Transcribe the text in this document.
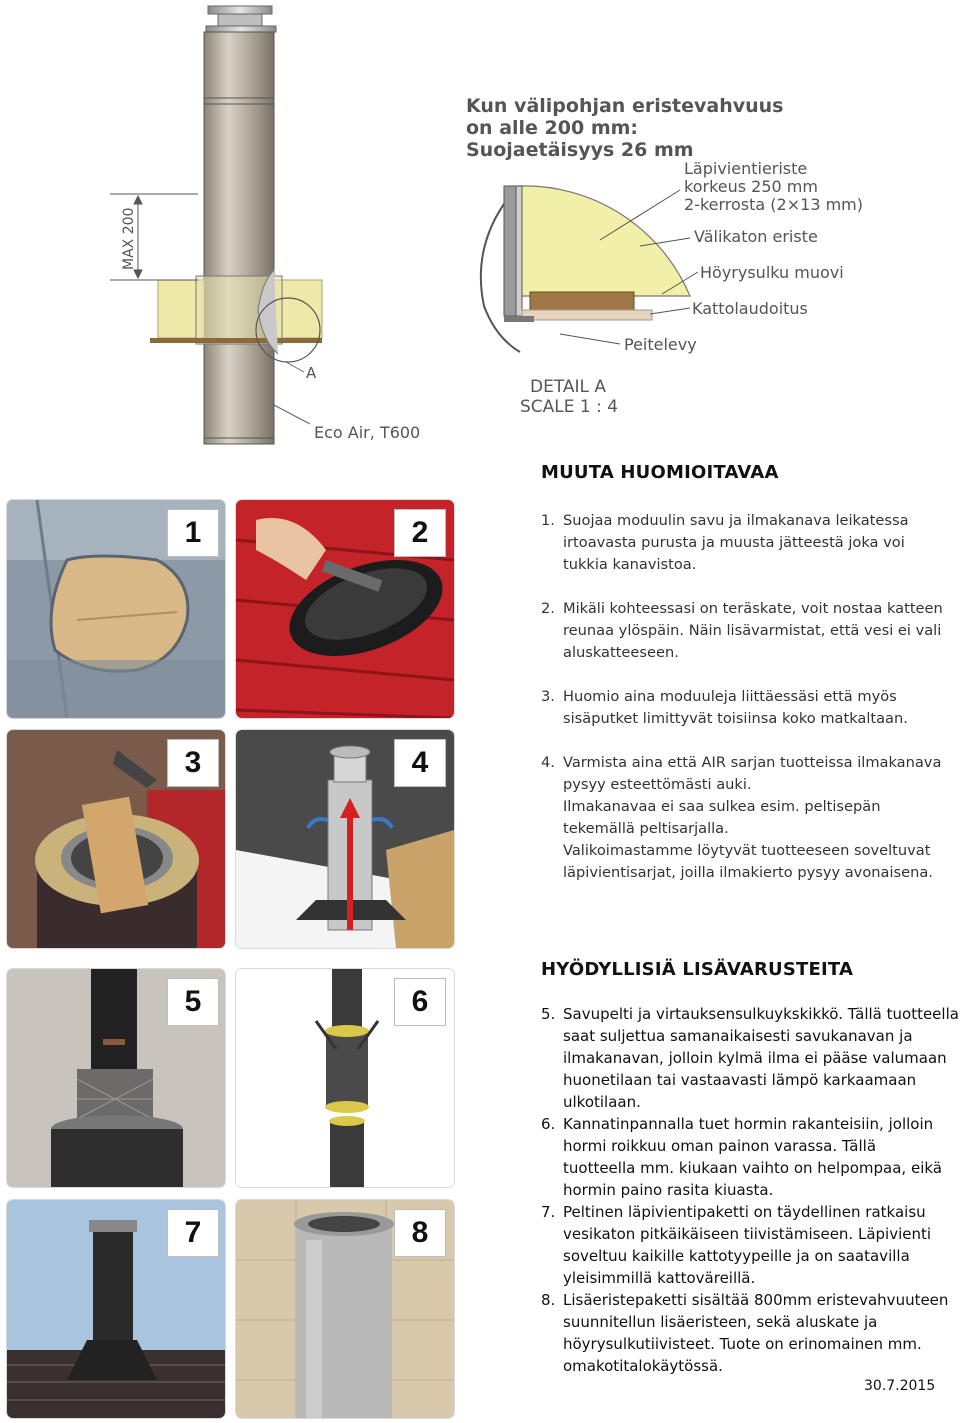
MAX 200
A
Eco Air, T600
Kun välipohjan eristevahvuus on alle 200 mm: Suojaetäisyys 26 mm
Läpivientieriste korkeus 250 mm 2-kerrosta (2×13 mm)
Välikaton eriste
Höyrysulku muovi
Kattolaudoitus
Peitelevy
DETAIL A SCALE 1 : 4
1	2
3	4
5	6
7	8
MUUTA HUOMIOITAVAA
1. Suojaa moduulin savu ja ilmakanava leikatessa

irtoavasta purusta ja muusta jätteestä joka voi

tukkia kanavistoa.

2. Mikäli kohteessasi on teräskate, voit nostaa katteen

reunaa ylöspäin. Näin lisävarmistat, että vesi ei vali

aluskatteeseen.

3. Huomio aina moduuleja liittäessäsi että myös

sisäputket limittyvät toisiinsa koko matkaltaan.

4. Varmista aina että AIR sarjan tuotteissa ilmakanava

pysyy esteettömästi auki.

Ilmakanavaa ei saa sulkea esim. peltisepän

tekemällä peltisarjalla.

Valikoimastamme löytyvät tuotteeseen soveltuvat

läpivientisarjat, joilla ilmakierto pysyy avonaisena.

HYÖDYLLISIÄ LISÄVARUSTEITA
5. Savupelti ja virtauksensulkuykskikkö. Tällä tuotteella
saat suljettua samanaikaisesti savukanavan ja
ilmakanavan, jolloin kylmä ilma ei pääse valumaan
huonetilaan tai vastaavasti lämpö karkaamaan
ulkotilaan.
6. Kannatinpannalla tuet hormin rakanteisiin, jolloin
hormi roikkuu oman painon varassa. Tällä
tuotteella mm. kiukaan vaihto on helpompaa, eikä
hormin paino rasita kiuasta.
7. Peltinen läpivientipaketti on täydellinen ratkaisu
vesikaton pitkäikäiseen tiivistämiseen. Läpivienti
soveltuu kaikille kattotyypeille ja on saatavilla
yleisimmillä kattoväreillä.
8. Lisäeristepaketti sisältää 800mm eristevahvuuteen
suunnitellun lisäeristeen, sekä aluskate ja
höyrysulkutiivisteet. Tuote on erinomainen mm.
omakotitalokäytössä.
30.7.2015
